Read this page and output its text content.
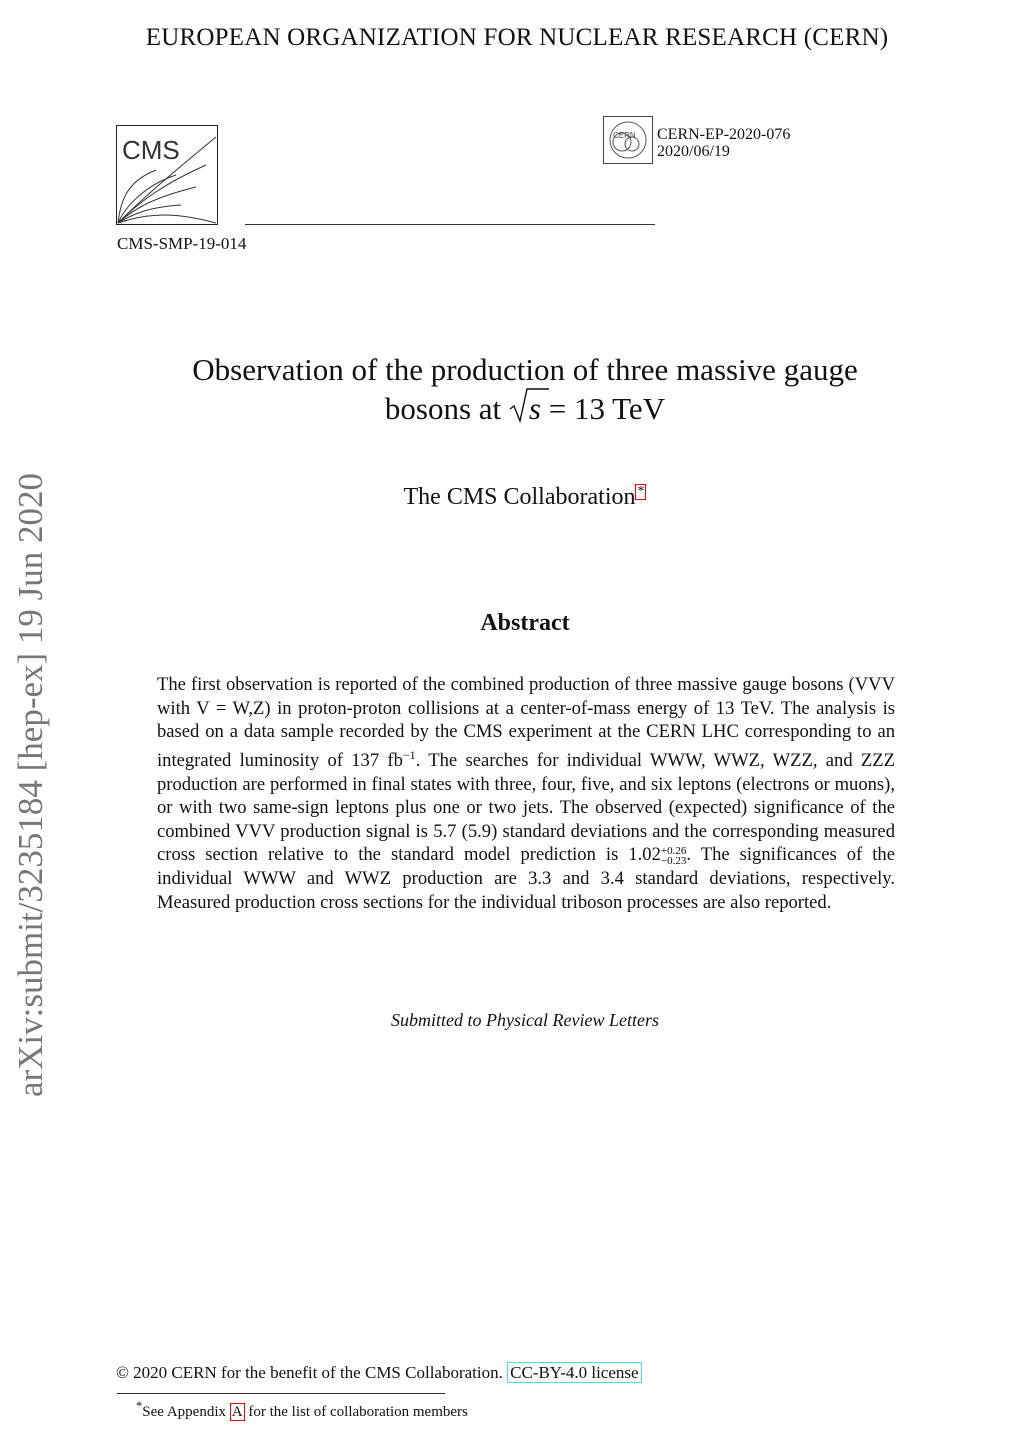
EUROPEAN ORGANIZATION FOR NUCLEAR RESEARCH (CERN)
CMS	CERN CERN-EP-2020-076
2020/06/19
CMS-SMP-19-014
Observation of the production of three massive gauge
bosons at s = 13 TeV
The CMS Collaboration *
Abstract
The first observation is reported of the combined production of three massive gauge bosons (VVV with V = W,Z) in proton-proton collisions at a center-of-mass energy of 13 TeV. The analysis is based on a data sample recorded by the CMS experiment at the CERN LHC corresponding to an integrated luminosity of 137 $fb^{-1}$. The searches for individual WWW, WWZ, WZZ, and ZZZ production are performed in final states with three, four, five, and six leptons (electrons or muons), or with two same-sign leptons plus one or two jets. The observed (expected) significance of the combined VVV production signal is 5.7 (5.9) standard deviations and the corresponding measured cross section relative to the standard model prediction is 1.02 +0.26
−0.23 . The significances of the individual WWW and WWZ production are 3.3 and 3.4 standard deviations, respectively. Measured production cross sections for the individual triboson processes are also reported.
Submitted to Physical Review Letters
arXiv:submit/3235184 [hep-ex] 19 Jun 2020
© 2020 CERN for the benefit of the CMS Collaboration. CC-BY-4.0 license
*See Appendix A for the list of collaboration members
